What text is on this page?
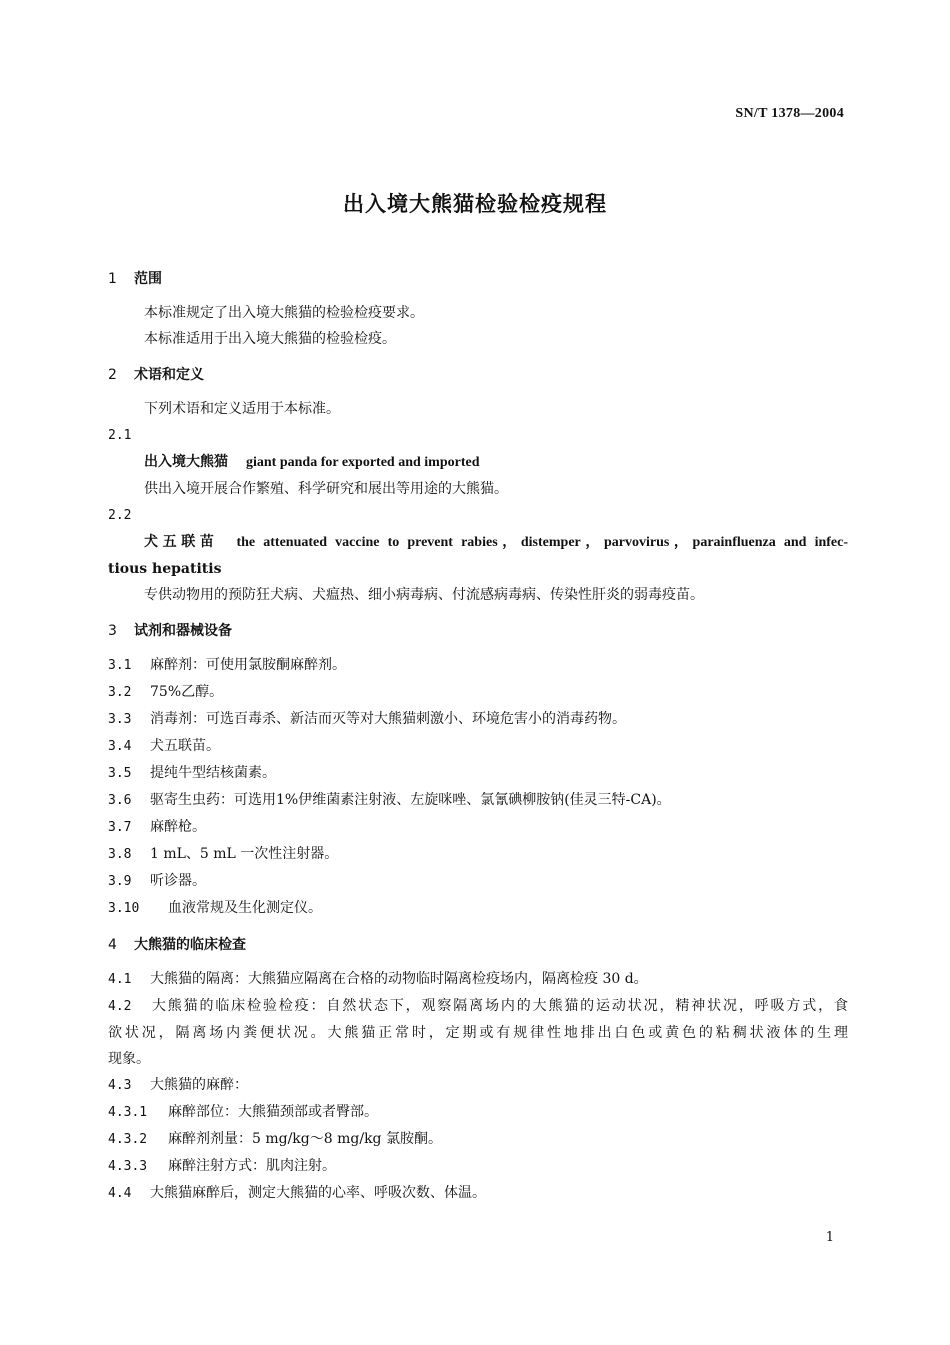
SN/T 1378—2004
出入境大熊猫检验检疫规程
1 范围
本标准规定了出入境大熊猫的检验检疫要求。
本标准适用于出入境大熊猫的检验检疫。
2 术语和定义
下列术语和定义适用于本标准。
2.1
出入境大熊猫 giant panda for exported and imported
供出入境开展合作繁殖、科学研究和展出等用途的大熊猫。
2.2
犬五联苗 the attenuated vaccine to prevent rabies，distemper，parvovirus，parainfluenza and infec-
tious hepatitis
专供动物用的预防狂犬病、犬瘟热、细小病毒病、付流感病毒病、传染性肝炎的弱毒疫苗。
3 试剂和器械设备
3.1 麻醉剂：可使用氯胺酮麻醉剂。
3.2 75%乙醇。
3.3 消毒剂：可选百毒杀、新洁而灭等对大熊猫刺激小、环境危害小的消毒药物。
3.4 犬五联苗。
3.5 提纯牛型结核菌素。
3.6 驱寄生虫药：可选用1%伊维菌素注射液、左旋咪唑、氯氰碘柳胺钠(佳灵三特-CA)。
3.7 麻醉枪。
3.8 1 mL、5 mL 一次性注射器。
3.9 听诊器。
3.10 血液常规及生化测定仪。
4 大熊猫的临床检查
4.1 大熊猫的隔离：大熊猫应隔离在合格的动物临时隔离检疫场内，隔离检疫 30 d。
4.2 大熊猫的临床检验检疫：自然状态下，观察隔离场内的大熊猫的运动状况，精神状况，呼吸方式，食
欲状况，隔离场内粪便状况。大熊猫正常时，定期或有规律性地排出白色或黄色的粘稠状液体的生理
现象。
4.3 大熊猫的麻醉：
4.3.1 麻醉部位：大熊猫颈部或者臀部。
4.3.2 麻醉剂剂量：5 mg/kg～8 mg/kg 氯胺酮。
4.3.3 麻醉注射方式：肌肉注射。
4.4 大熊猫麻醉后，测定大熊猫的心率、呼吸次数、体温。
1
